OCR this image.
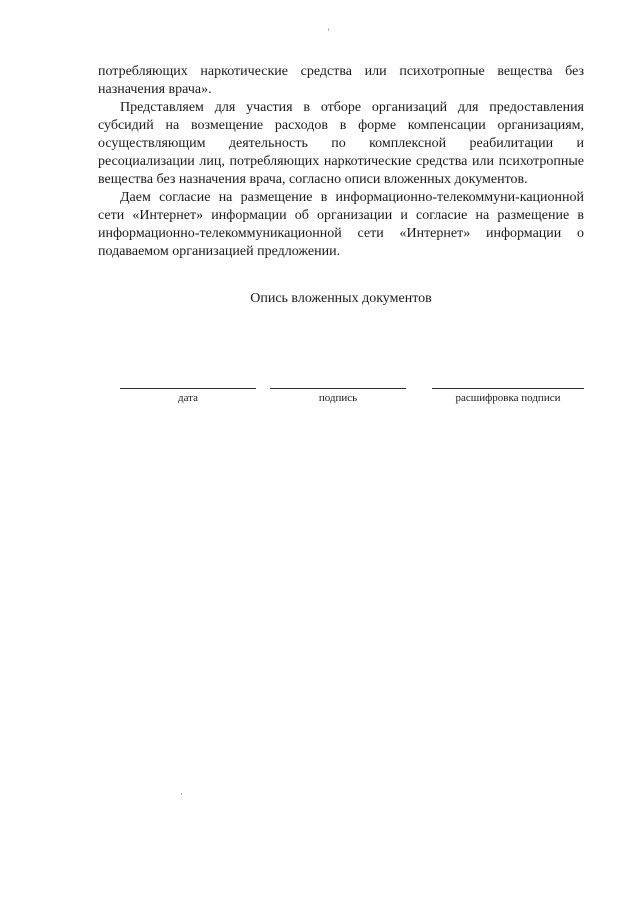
потребляющих наркотические средства или психотропные вещества без назначения врача».

Представляем для участия в отборе организаций для предоставления субсидий на возмещение расходов в форме компенсации организациям, осуществляющим деятельность по комплексной реабилитации и ресоциализации лиц, потребляющих наркотические средства или психотропные вещества без назначения врача, согласно описи вложенных документов.

Даем согласие на размещение в информационно-телекоммуни-кационной сети «Интернет» информации об организации и согласие на размещение в информационно-телекоммуникационной сети «Интернет» информации о подаваемом организацией предложении.

Опись вложенных документов
дата	подпись	расшифровка подписи
